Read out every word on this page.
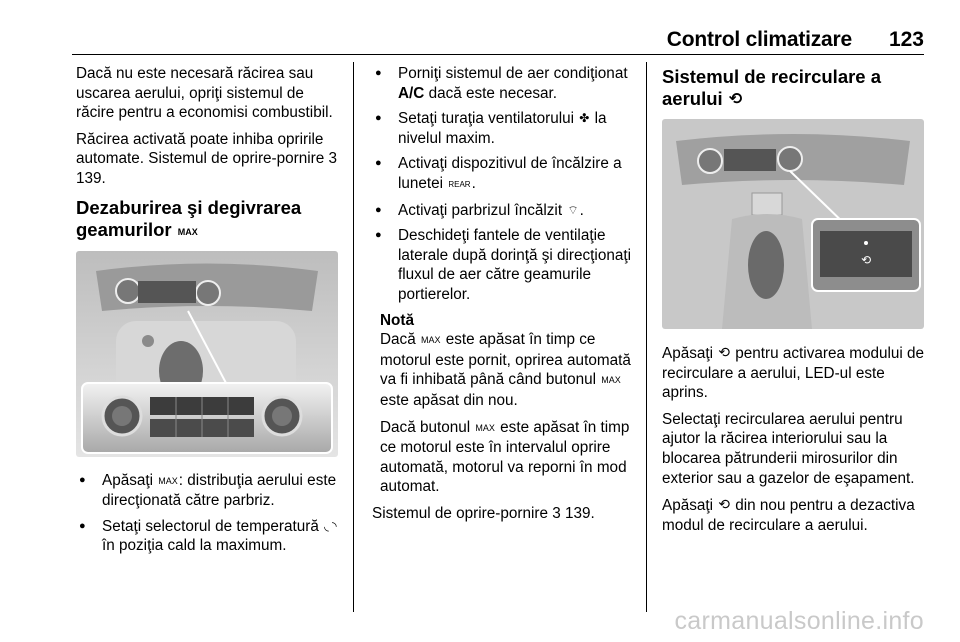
Control climatizare 123

Dacă nu este necesară răcirea sau uscarea aerului, opriţi sistemul de răcire pentru a economisi combustibil.

Răcirea activată poate inhiba opririle automate. Sistemul de oprire-pornire 3 139.

Dezaburirea şi degivrarea
geamurilor MAX
● Apăsaţi MAX: distribuţia aerului este direcţionată către parbriz.
● Setaţi selectorul de temperatură ◟ ◝ în poziţia cald la maximum.
● Porniţi sistemul de aer condiţionat A/C dacă este necesar.
● Setaţi turaţia ventilatorului ✤ la nivelul maxim.
● Activaţi dispozitivul de încălzire a lunetei REAR.
● Activaţi parbrizul încălzit ⌔.
● Deschideţi fantele de ventilaţie laterale după dorinţă şi direcţionaţi fluxul de aer către geamurile portierelor.
Notă

Dacă MAX este apăsat în timp ce motorul este pornit, oprirea automată va fi inhibată până când butonul MAX este apăsat din nou.

Dacă butonul MAX este apăsat în timp ce motorul este în intervalul oprire automată, motorul va reporni în mod automat.

Sistemul de oprire-pornire 3 139.

Sistemul de recirculare a
aerului ⟲
⟲

Apăsaţi ⟲ pentru activarea modului de recirculare a aerului, LED-ul este aprins.

Selectaţi recircularea aerului pentru ajutor la răcirea interiorului sau la blocarea pătrunderii mirosurilor din exterior sau a gazelor de eşapament.

Apăsaţi ⟲ din nou pentru a dezactiva modul de recirculare a aerului.

carmanualsonline.info
